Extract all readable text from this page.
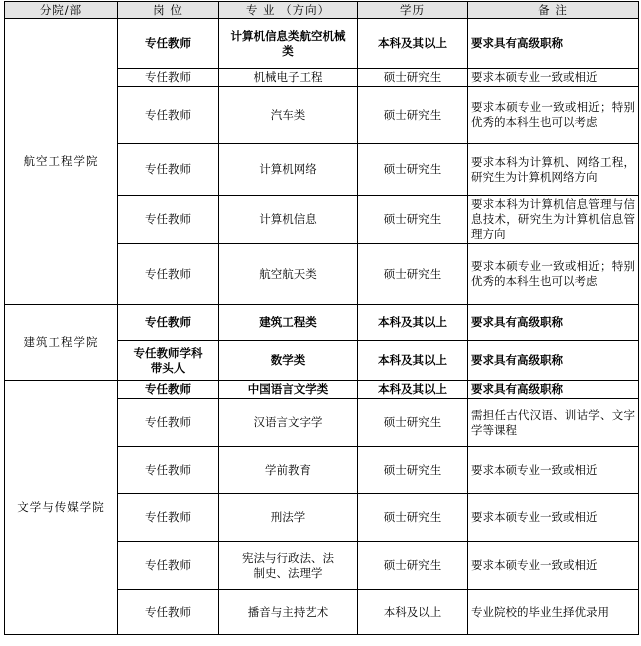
分院/部	岗 位	专 业 （方向）	学历	备 注
航空工程学院	专任教师	计算机信息类航空机械类	本科及其以上	要求具有高级职称
	专任教师	机械电子工程	硕士研究生	要求本硕专业一致或相近
	专任教师	汽车类	硕士研究生	要求本硕专业一致或相近；特别优秀的本科生也可以考虑
	专任教师	计算机网络	硕士研究生	要求本科为计算机、网络工程，研究生为计算机网络方向
	专任教师	计算机信息	硕士研究生	要求本科为计算机信息管理与信息技术，研究生为计算机信息管理方向
	专任教师	航空航天类	硕士研究生	要求本硕专业一致或相近；特别优秀的本科生也可以考虑
建筑工程学院	专任教师	建筑工程类	本科及其以上	要求具有高级职称
	专任教师学科带头人	数学类	本科及其以上	要求具有高级职称
文学与传媒学院	专任教师	中国语言文学类	本科及其以上	要求具有高级职称
	专任教师	汉语言文字学	硕士研究生	需担任古代汉语、训诂学、文字学等课程
	专任教师	学前教育	硕士研究生	要求本硕专业一致或相近
	专任教师	刑法学	硕士研究生	要求本硕专业一致或相近
	专任教师	宪法与行政法、法制史、法理学	硕士研究生	要求本硕专业一致或相近
	专任教师	播音与主持艺术	本科及以上	专业院校的毕业生择优录用
